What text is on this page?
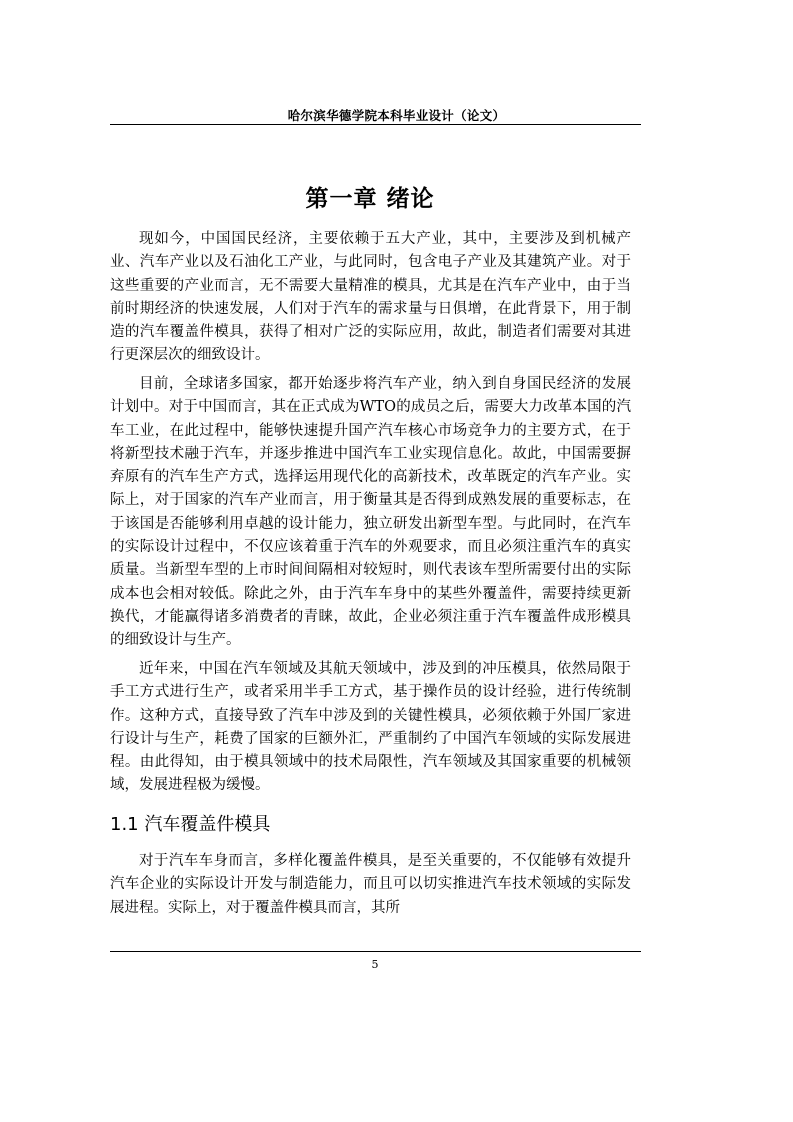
哈尔滨华德学院本科毕业设计（论文）
第一章 绪论

现如今，中国国民经济，主要依赖于五大产业，其中，主要涉及到机械产业、汽车产业以及石油化工产业，与此同时，包含电子产业及其建筑产业。对于这些重要的产业而言，无不需要大量精准的模具，尤其是在汽车产业中，由于当前时期经济的快速发展，人们对于汽车的需求量与日俱增，在此背景下，用于制造的汽车覆盖件模具，获得了相对广泛的实际应用，故此，制造者们需要对其进行更深层次的细致设计。

目前，全球诸多国家，都开始逐步将汽车产业，纳入到自身国民经济的发展计划中。对于中国而言，其在正式成为WTO的成员之后，需要大力改革本国的汽车工业，在此过程中，能够快速提升国产汽车核心市场竞争力的主要方式，在于将新型技术融于汽车，并逐步推进中国汽车工业实现信息化。故此，中国需要摒弃原有的汽车生产方式，选择运用现代化的高新技术，改革既定的汽车产业。实际上，对于国家的汽车产业而言，用于衡量其是否得到成熟发展的重要标志，在于该国是否能够利用卓越的设计能力，独立研发出新型车型。与此同时，在汽车的实际设计过程中，不仅应该着重于汽车的外观要求，而且必须注重汽车的真实质量。当新型车型的上市时间间隔相对较短时，则代表该车型所需要付出的实际成本也会相对较低。除此之外，由于汽车车身中的某些外覆盖件，需要持续更新换代，才能赢得诸多消费者的青睐，故此，企业必须注重于汽车覆盖件成形模具的细致设计与生产。

近年来，中国在汽车领域及其航天领域中，涉及到的冲压模具，依然局限于手工方式进行生产，或者采用半手工方式，基于操作员的设计经验，进行传统制作。这种方式，直接导致了汽车中涉及到的关键性模具，必须依赖于外国厂家进行设计与生产，耗费了国家的巨额外汇，严重制约了中国汽车领域的实际发展进程。由此得知，由于模具领域中的技术局限性，汽车领域及其国家重要的机械领域，发展进程极为缓慢。

1.1 汽车覆盖件模具

对于汽车车身而言，多样化覆盖件模具，是至关重要的，不仅能够有效提升汽车企业的实际设计开发与制造能力，而且可以切实推进汽车技术领域的实际发展进程。实际上，对于覆盖件模具而言，其所

5
